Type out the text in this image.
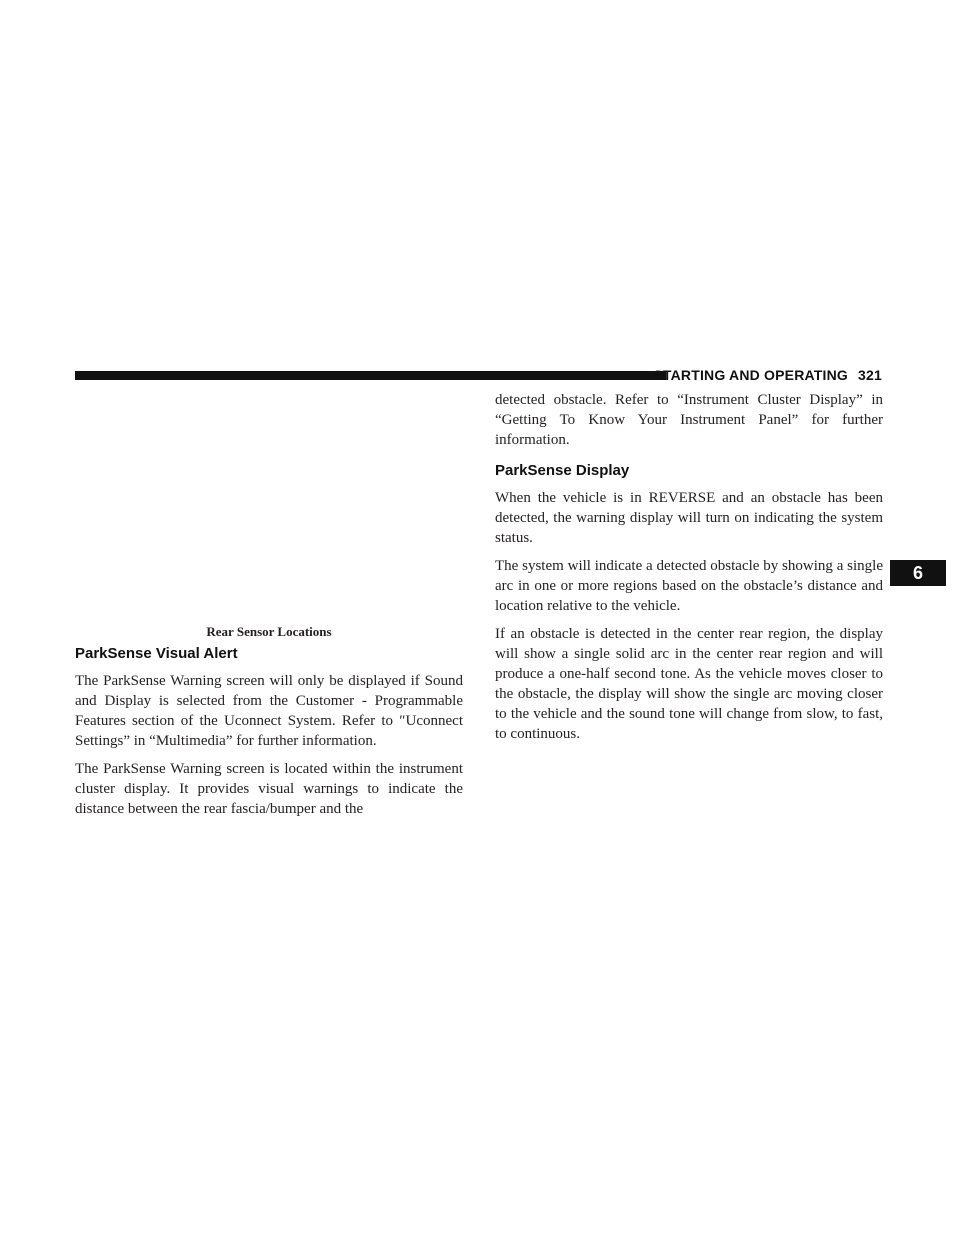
STARTING AND OPERATING 321
6
Rear Sensor Locations
ParkSense Visual Alert

The ParkSense Warning screen will only be displayed if Sound and Display is selected from the Customer - Programmable Features section of the Uconnect System. Refer to ″Uconnect Settings” in “Multimedia” for further information.

The ParkSense Warning screen is located within the instrument cluster display. It provides visual warnings to indicate the distance between the rear fascia/bumper and the

detected obstacle. Refer to “Instrument Cluster Display” in “Getting To Know Your Instrument Panel” for further information.

ParkSense Display

When the vehicle is in REVERSE and an obstacle has been detected, the warning display will turn on indicating the system status.

The system will indicate a detected obstacle by showing a single arc in one or more regions based on the obstacle’s distance and location relative to the vehicle.

If an obstacle is detected in the center rear region, the display will show a single solid arc in the center rear region and will produce a one-half second tone. As the vehicle moves closer to the obstacle, the display will show the single arc moving closer to the vehicle and the sound tone will change from slow, to fast, to continuous.
